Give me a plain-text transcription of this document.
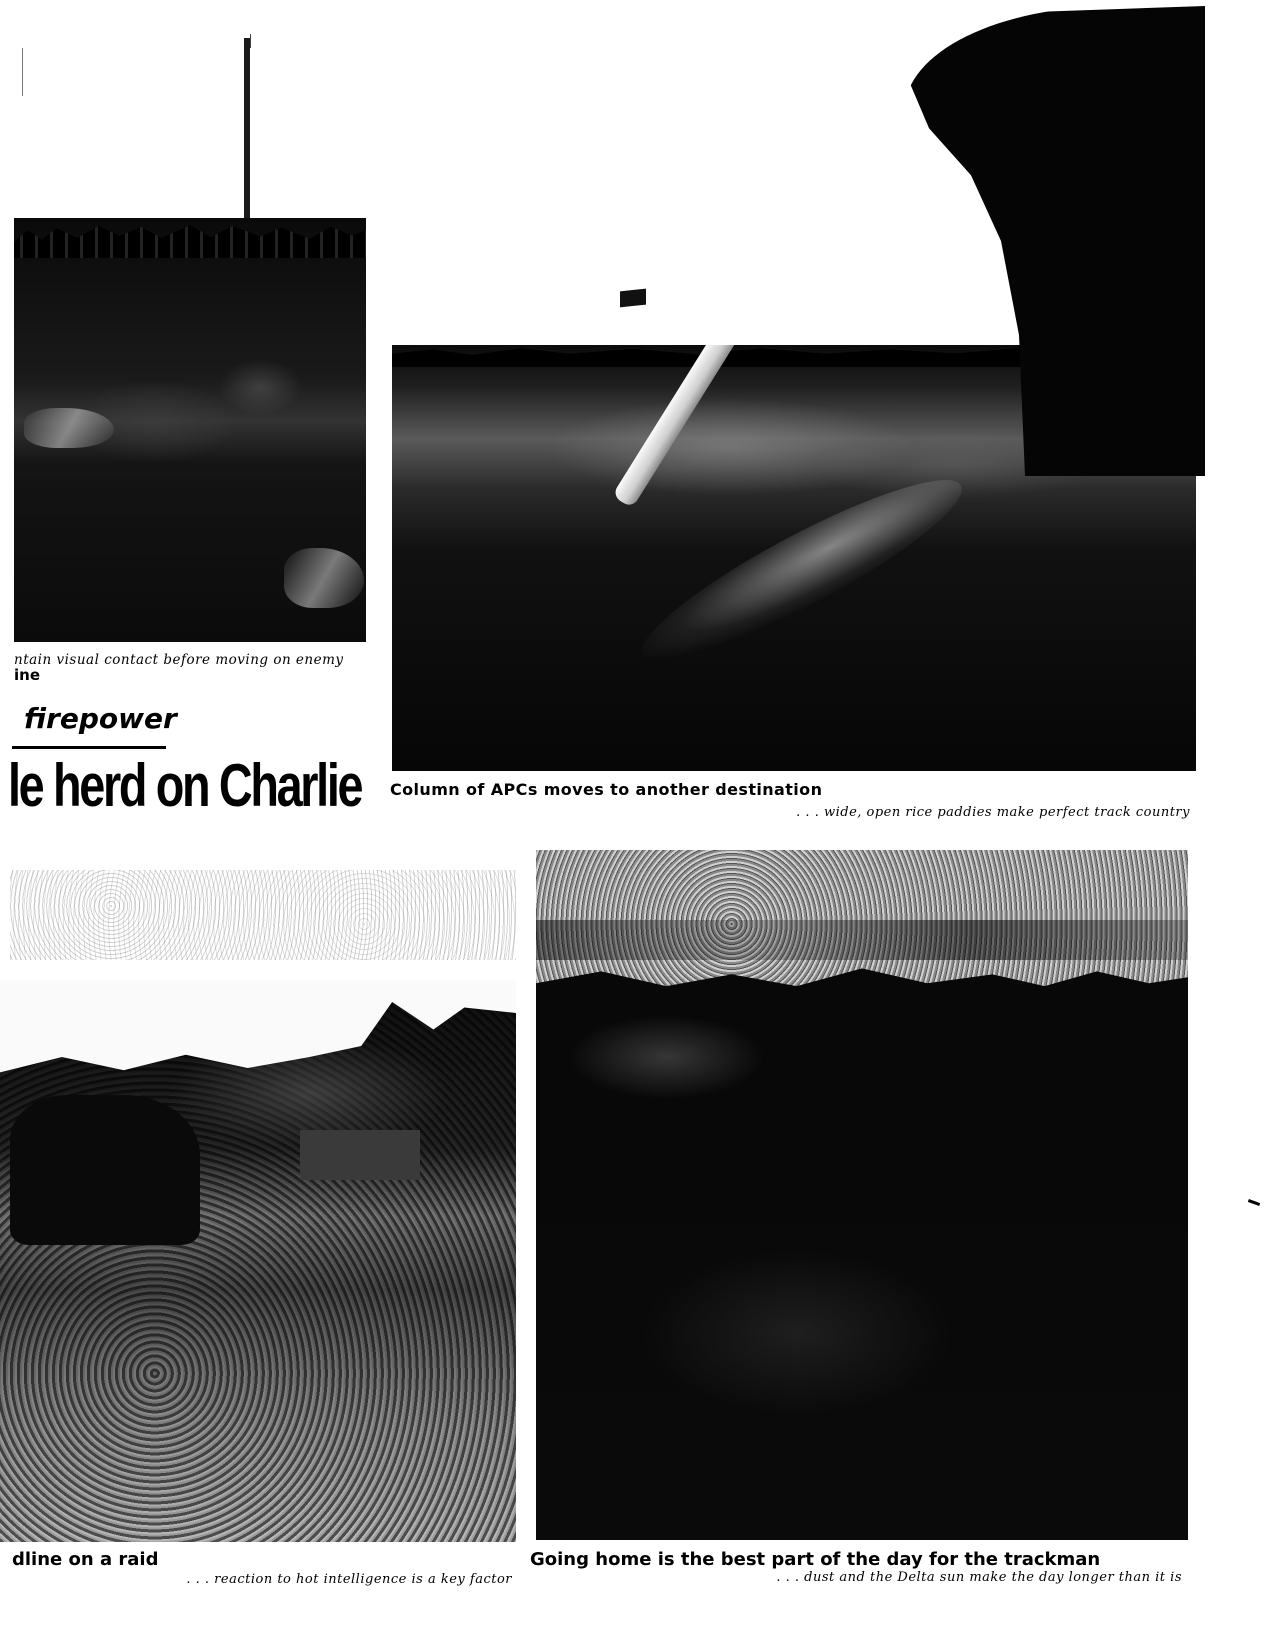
ntain visual contact before moving on enemy
ine
firepower
le herd on Charlie Column of APCs moves to another destination
. . . wide, open rice paddies make perfect track country
dline on a raid
. . . reaction to hot intelligence is a key factor
Going home is the best part of the day for the trackman
. . . dust and the Delta sun make the day longer than it is
